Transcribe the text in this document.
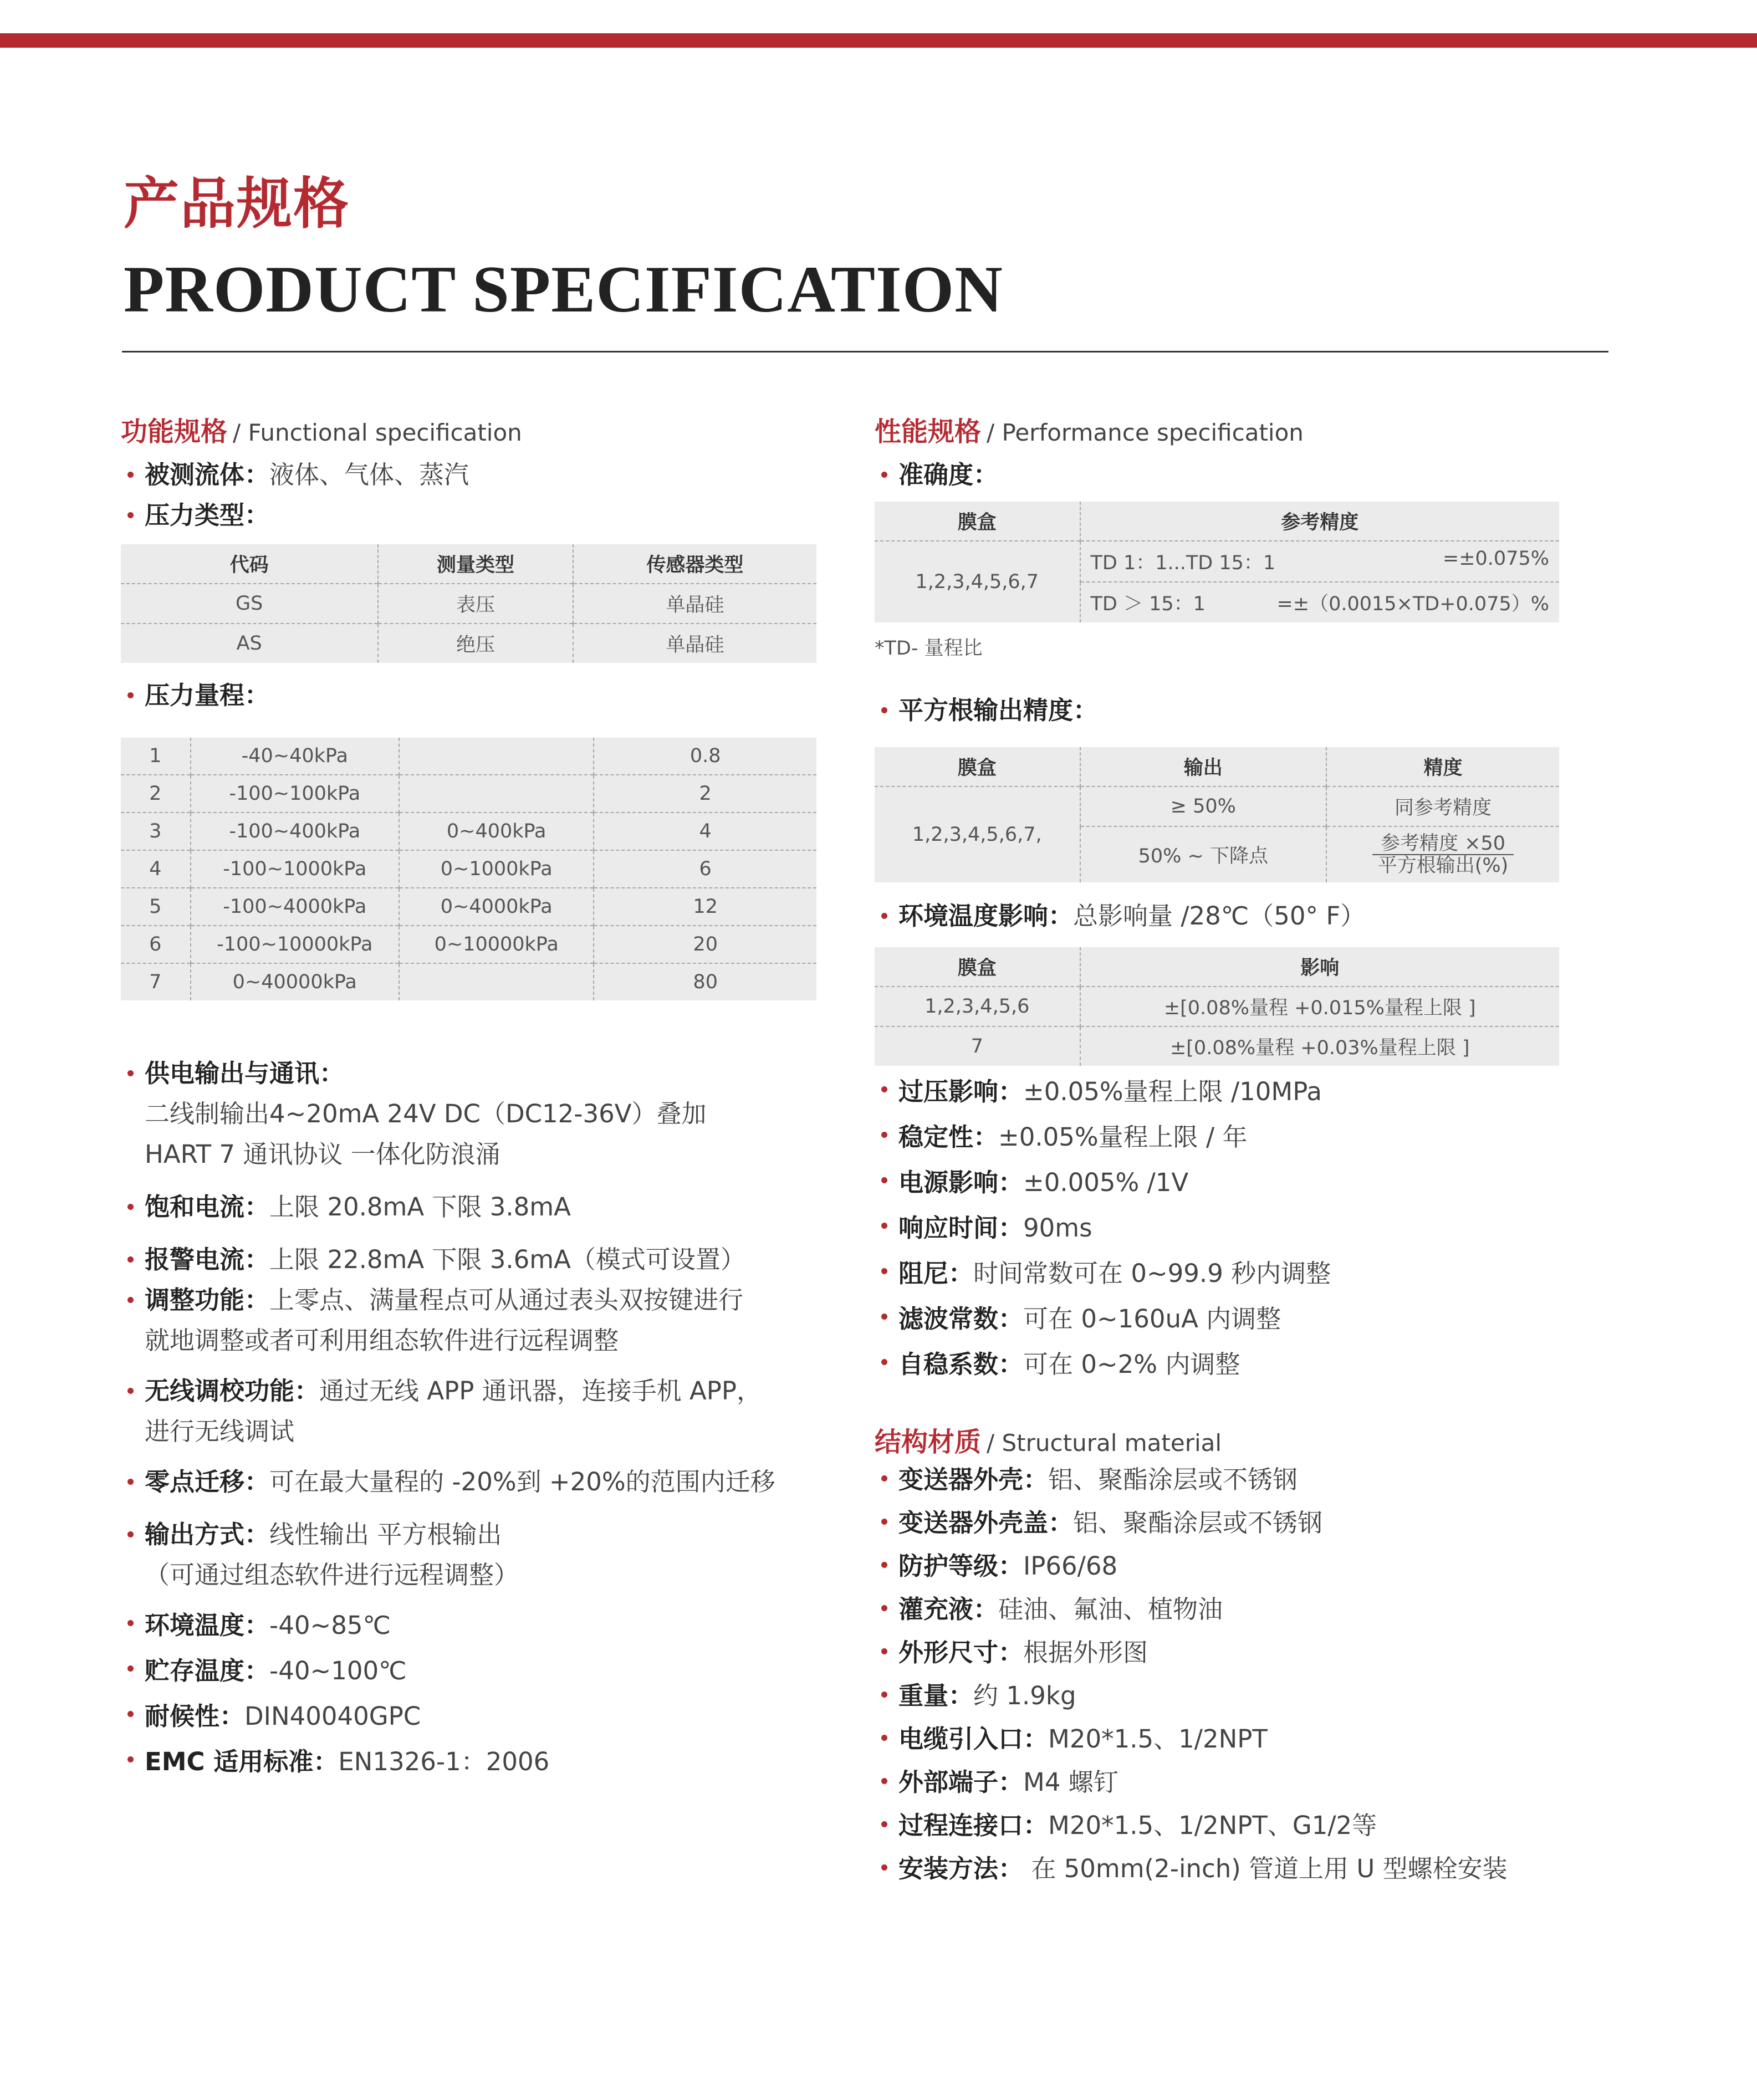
产品规格
PRODUCT SPECIFICATION
功能规格 / Functional specification
被测流体：液体、气体、蒸汽
压力类型：
代码	测量类型	传感器类型
GS	表压	单晶硅
AS	绝压	单晶硅
压力量程：
1	-40~40kPa		0.8
2	-100~100kPa		2
3	-100~400kPa	0~400kPa	4
4	-100~1000kPa	0~1000kPa	6
5	-100~4000kPa	0~4000kPa	12
6	-100~10000kPa	0~10000kPa	20
7	0~40000kPa		80
供电输出与通讯：
二线制输出4~20mA 24V DC（DC12-36V）叠加
HART 7 通讯协议 一体化防浪涌
饱和电流：上限 20.8mA 下限 3.8mA
报警电流：上限 22.8mA 下限 3.6mA（模式可设置）
调整功能：上零点、满量程点可从通过表头双按键进行
就地调整或者可利用组态软件进行远程调整
无线调校功能：通过无线 APP 通讯器，连接手机 APP，
进行无线调试
零点迁移：可在最大量程的 -20%到 +20%的范围内迁移
输出方式：线性输出 平方根输出
（可通过组态软件进行远程调整）
环境温度：-40~85℃
贮存温度：-40~100℃
耐候性：DIN40040GPC
EMC 适用标准：EN1326-1：2006
性能规格 / Performance specification
准确度：
膜盒	参考精度
1,2,3,4,5,6,7	TD 1：1...TD 15：1 =±0.075%

	TD ＞ 15：1 =±（0.0015×TD+0.075）%
*TD- 量程比
平方根输出精度：
膜盒	输出	精度
1,2,3,4,5,6,7,	≥ 50%	同参考精度
	50% ~ 下降点	$\frac{\text{参考精度 ×50}}{\text{平方根输出(\%)}}$
环境温度影响：总影响量 /28℃（50° F）
膜盒	影响
1,2,3,4,5,6	±[0.08%量程 +0.015%量程上限 ]
7	±[0.08%量程 +0.03%量程上限 ]
过压影响：±0.05%量程上限 /10MPa
稳定性：±0.05%量程上限 / 年
电源影响：±0.005% /1V
响应时间：90ms
阻尼：时间常数可在 0~99.9 秒内调整
滤波常数：可在 0~160uA 内调整
自稳系数：可在 0~2% 内调整
结构材质 / Structural material
变送器外壳：铝、聚酯涂层或不锈钢
变送器外壳盖：铝、聚酯涂层或不锈钢
防护等级：IP66/68
灌充液：硅油、氟油、植物油
外形尺寸：根据外形图
重量：约 1.9kg
电缆引入口：M20*1.5、1/2NPT
外部端子：M4 螺钉
过程连接口：M20*1.5、1/2NPT、G1/2等
安装方法： 在 50mm(2-inch) 管道上用 U 型螺栓安装
